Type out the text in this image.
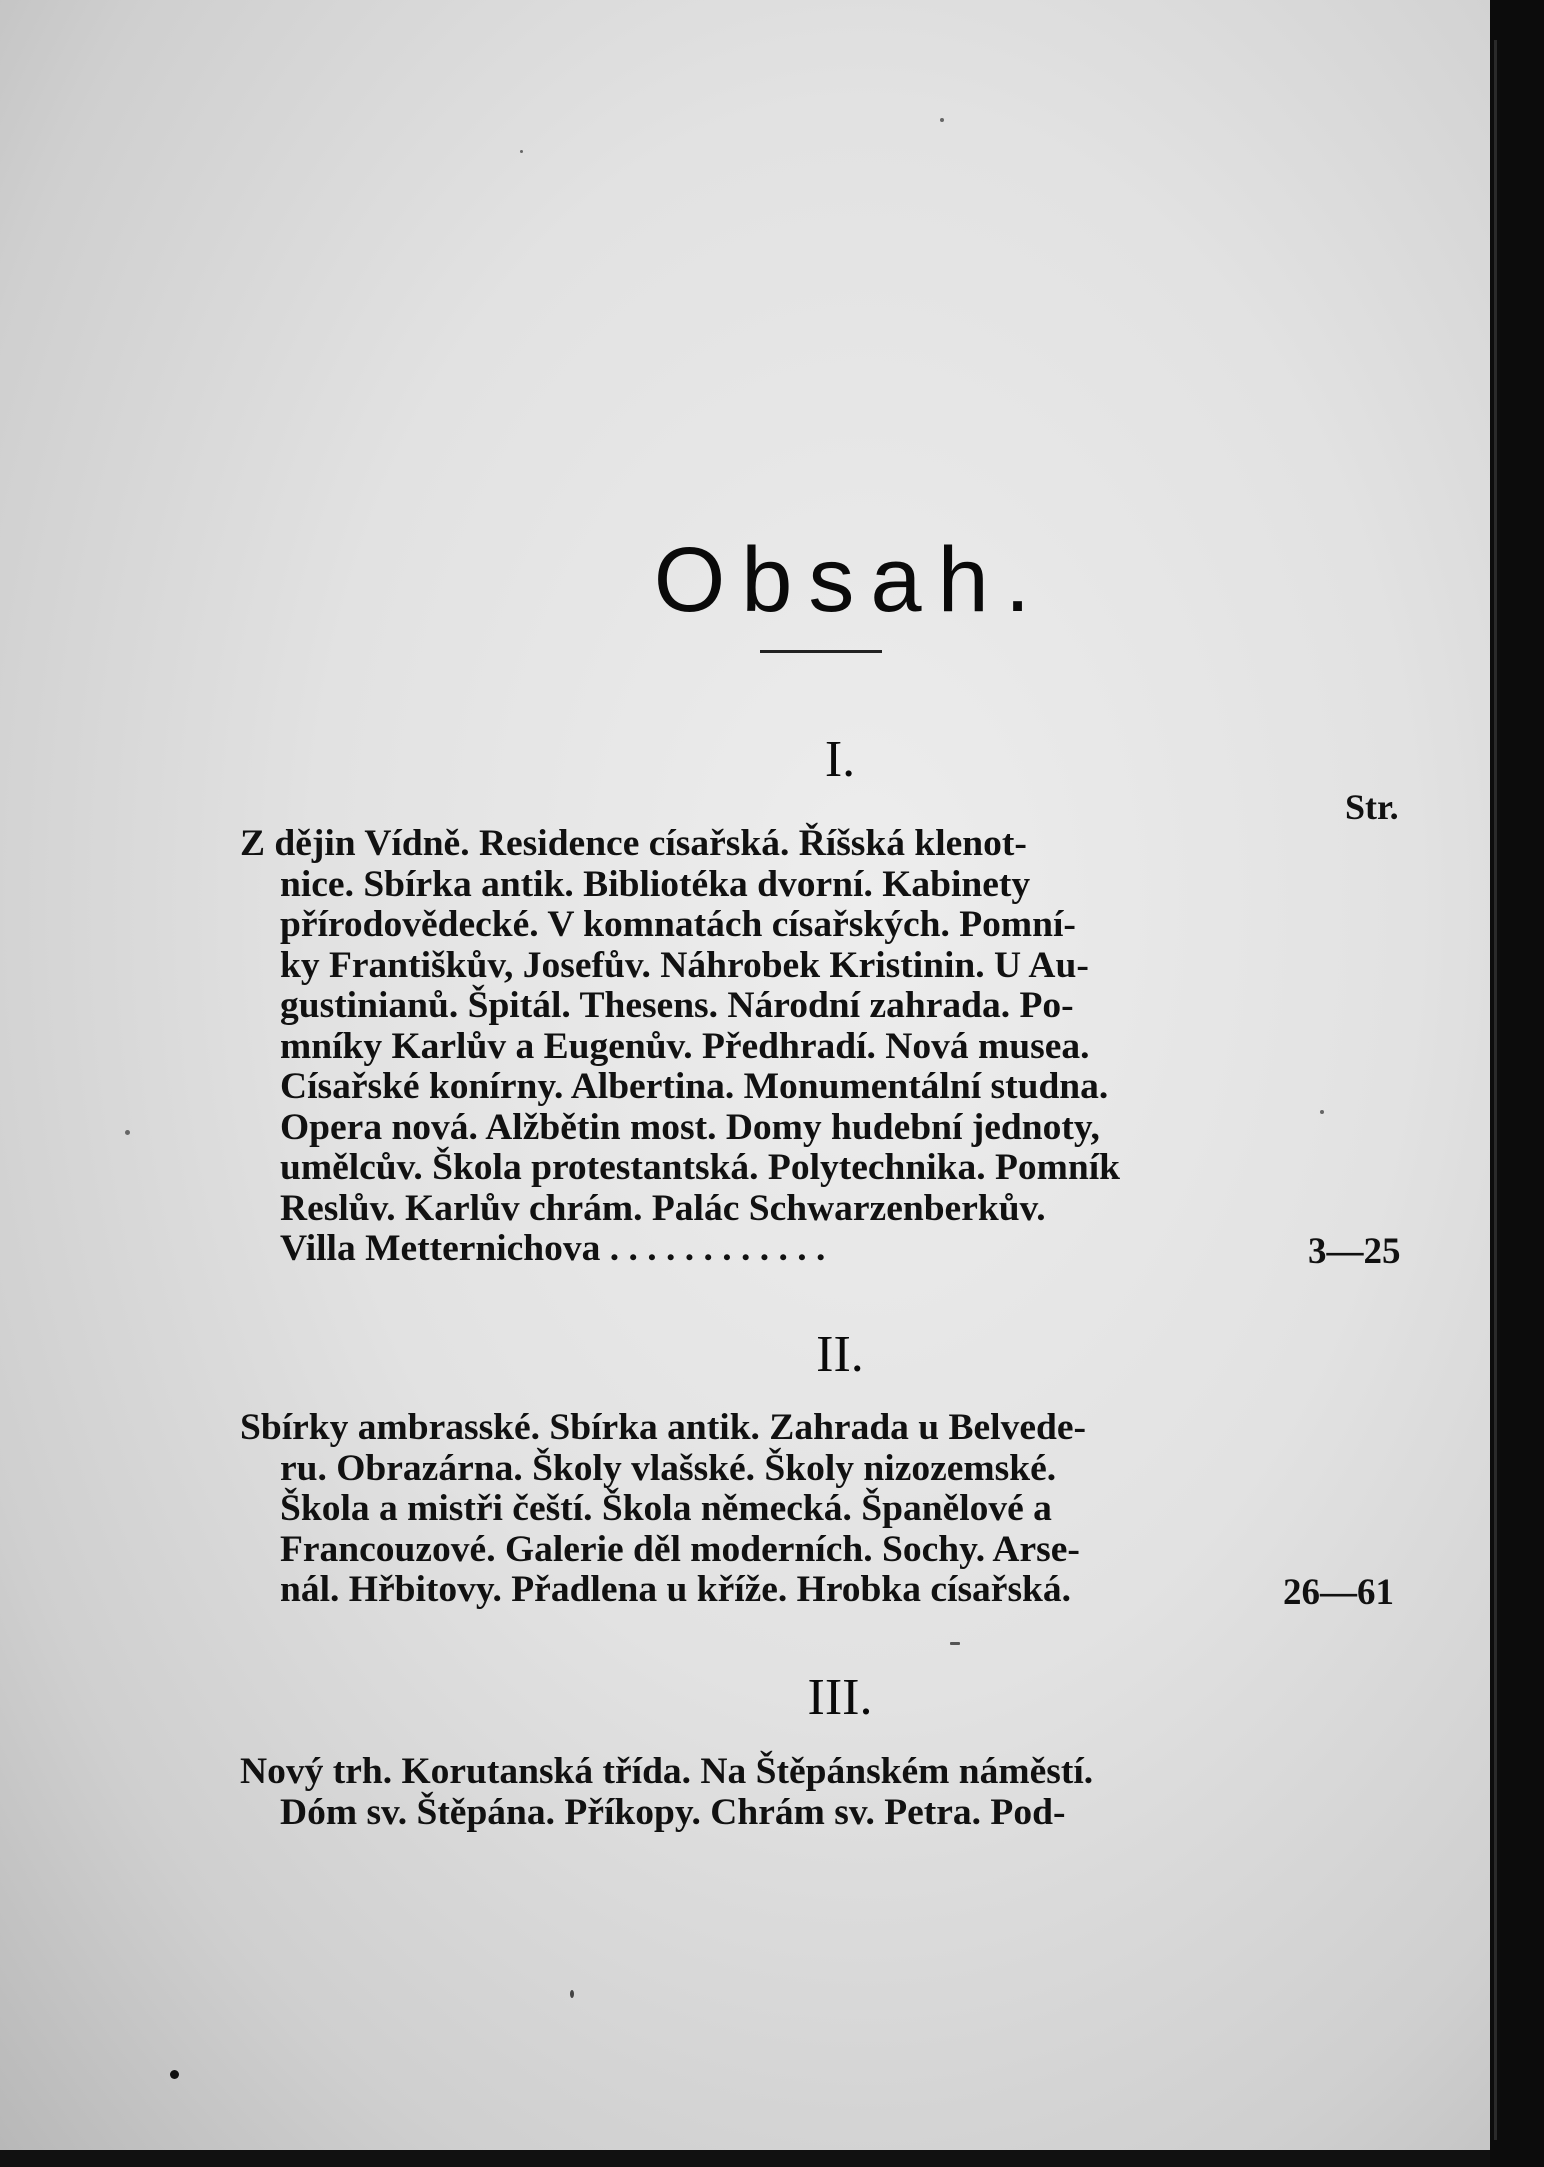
Obsah.
Str.
I.
Z dějin Vídně. Residence císařská. Říšská klenot-
nice. Sbírka antik. Bibliotéka dvorní. Kabinety
přírodovědecké. V komnatách císařských. Pomní-
ky Františkův, Josefův. Náhrobek Kristinin. U Au-
gustinianů. Špitál. Thesens. Národní zahrada. Po-
mníky Karlův a Eugenův. Předhradí. Nová musea.
Císařské konírny. Albertina. Monumentální studna.
Opera nová. Alžbětin most. Domy hudební jednoty,
umělcův. Škola protestantská. Polytechnika. Pomník
Reslův. Karlův chrám. Palác Schwarzenberkův.
Villa Metternichova . . . . . . . . . . . .	3—25
II.
Sbírky ambrasské. Sbírka antik. Zahrada u Belvede-
ru. Obrazárna. Školy vlašské. Školy nizozemské.
Škola a mistři čeští. Škola německá. Španělové a
Francouzové. Galerie děl moderních. Sochy. Arse-
nál. Hřbitovy. Přadlena u kříže. Hrobka císařská.	26—61
III.
Nový trh. Korutanská třída. Na Štěpánském náměstí.
Dóm sv. Štěpána. Příkopy. Chrám sv. Petra. Pod-
